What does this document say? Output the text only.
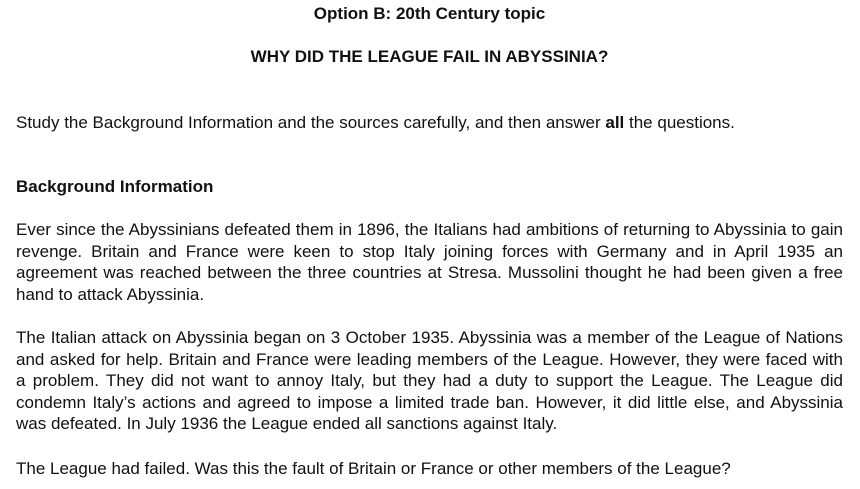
Option B: 20th Century topic
WHY DID THE LEAGUE FAIL IN ABYSSINIA?
Study the Background Information and the sources carefully, and then answer all the questions.
Background Information

Ever since the Abyssinians defeated them in 1896, the Italians had ambitions of returning to Abyssinia to gain revenge. Britain and France were keen to stop Italy joining forces with Germany and in April 1935 an agreement was reached between the three countries at Stresa. Mussolini thought he had been given a free hand to attack Abyssinia.

The Italian attack on Abyssinia began on 3 October 1935. Abyssinia was a member of the League of Nations and asked for help. Britain and France were leading members of the League. However, they were faced with a problem. They did not want to annoy Italy, but they had a duty to support the League. The League did condemn Italy’s actions and agreed to impose a limited trade ban. However, it did little else, and Abyssinia was defeated. In July 1936 the League ended all sanctions against Italy.

The League had failed. Was this the fault of Britain or France or other members of the League?
